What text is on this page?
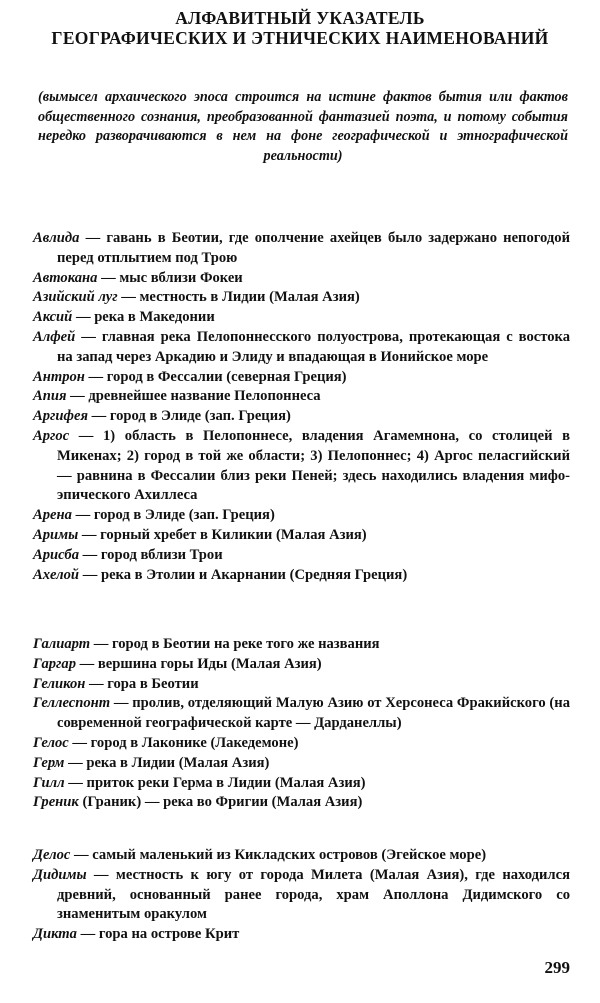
АЛФАВИТНЫЙ УКАЗАТЕЛЬ
ГЕОГРАФИЧЕСКИХ И ЭТНИЧЕСКИХ НАИМЕНОВАНИЙ
(вымысел архаического эпоса строится на истине фактов бытия или фактов общественного сознания, преобразованной фантазией поэта, и потому события нередко разворачиваются в нем на фоне географической и этнографической реальности)

Авлида — гавань в Беотии, где ополчение ахейцев было задержано непогодой перед отплытием под Трою

Автокана — мыс вблизи Фокеи

Азийский луг — местность в Лидии (Малая Азия)

Аксий — река в Македонии

Алфей — главная река Пелопоннесского полуострова, протекающая с востока на запад через Аркадию и Элиду и впадающая в Ионийское море

Антрон — город в Фессалии (северная Греция)

Апия — древнейшее название Пелопоннеса

Аргифея — город в Элиде (зап. Греция)

Аргос — 1) область в Пелопоннесе, владения Агамемнона, со столицей в Микенах; 2) город в той же области; 3) Пелопоннес; 4) Аргос пеласгийский — равнина в Фессалии близ реки Пеней; здесь находились владения мифо-эпического Ахиллеса

Арена — город в Элиде (зап. Греция)

Аримы — горный хребет в Киликии (Малая Азия)

Арисба — город вблизи Трои

Ахелой — река в Этолии и Акарнании (Средняя Греция)

Галиарт — город в Беотии на реке того же названия

Гаргар — вершина горы Иды (Малая Азия)

Геликон — гора в Беотии

Геллеспонт — пролив, отделяющий Малую Азию от Херсонеса Фракийского (на современной географической карте — Дарданеллы)

Гелос — город в Лаконике (Лакедемоне)

Герм — река в Лидии (Малая Азия)

Гилл — приток реки Герма в Лидии (Малая Азия)

Греник (Граник) — река во Фригии (Малая Азия)

Делос — самый маленький из Кикладских островов (Эгейское море)

Дидимы — местность к югу от города Милета (Малая Азия), где находился древний, основанный ранее города, храм Аполлона Дидимского со знаменитым оракулом

Дикта — гора на острове Крит

299
